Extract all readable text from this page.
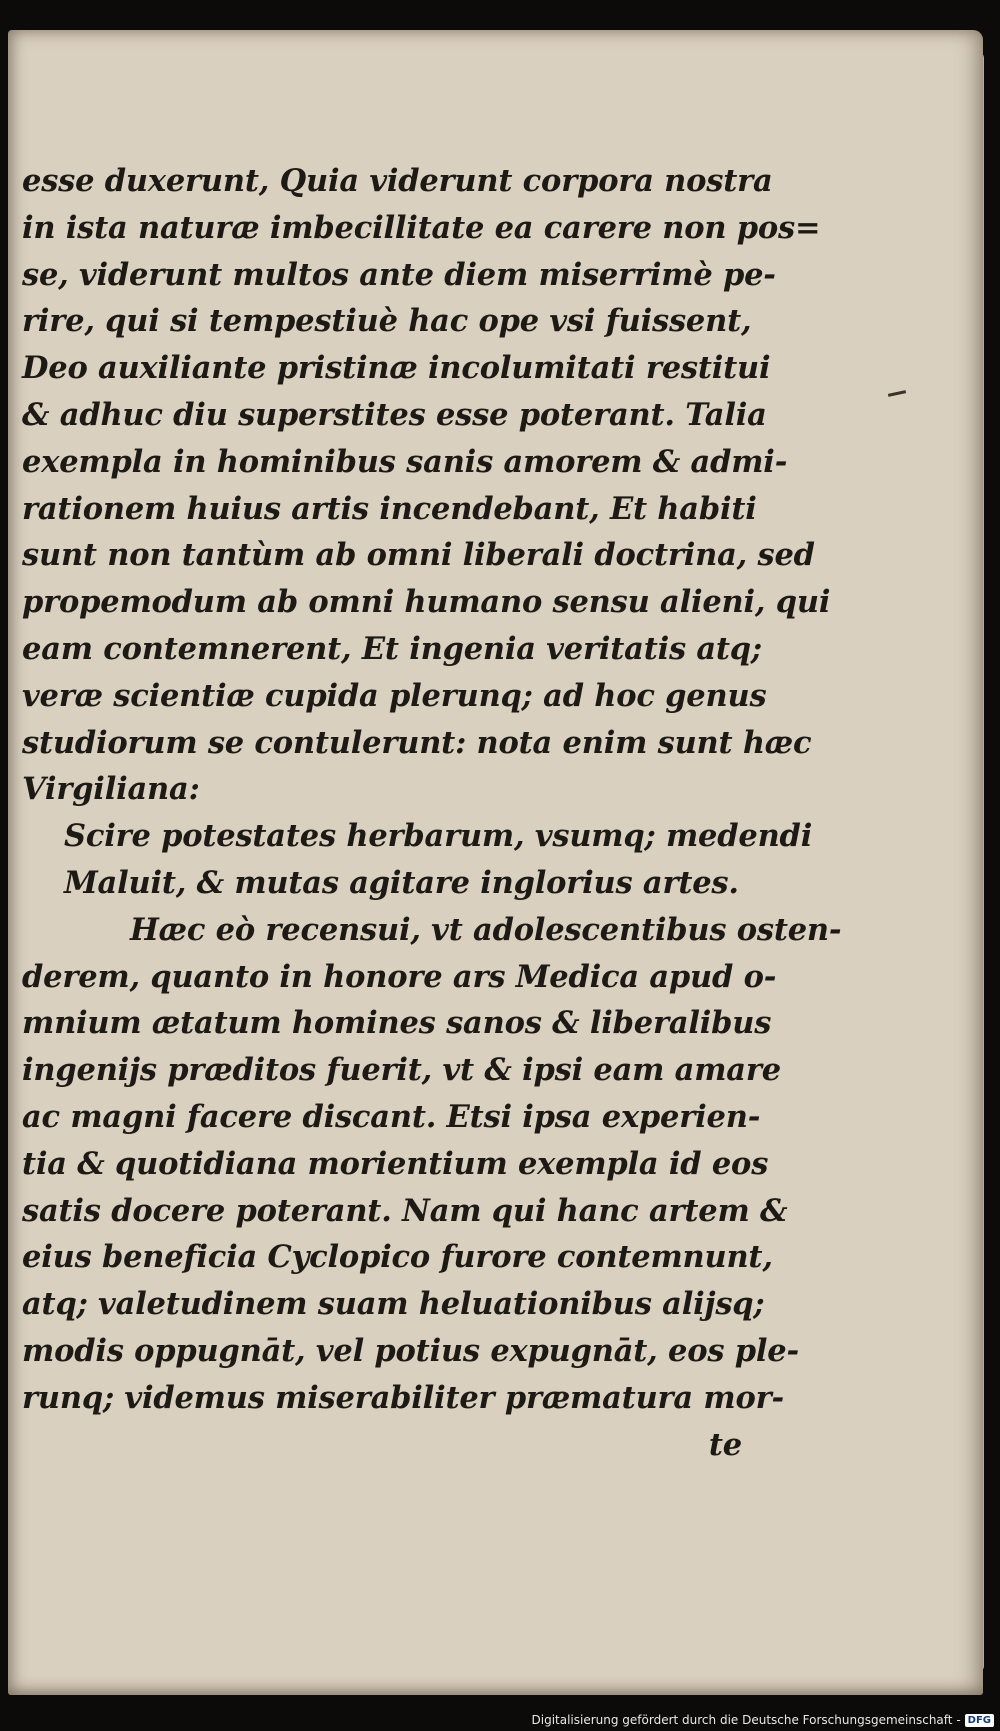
esse duxerunt, Quia viderunt corpora nostra
in ista naturæ imbecillitate ea carere non pos=
se, viderunt multos ante diem miserrimè pe-
rire, qui si tempestiuè hac ope vsi fuissent,
Deo auxiliante pristinæ incolumitati restitui
& adhuc diu superstites esse poterant. Talia
exempla in hominibus sanis amorem & admi-
rationem huius artis incendebant, Et habiti
sunt non tantùm ab omni liberali doctrina, sed
propemodum ab omni humano sensu alieni, qui
eam contemnerent, Et ingenia veritatis atq;
veræ scientiæ cupida plerunq; ad hoc genus
studiorum se contulerunt: nota enim sunt hæc
Virgiliana:
Scire potestates herbarum, vsumq; medendi
Maluit, & mutas agitare inglorius artes.
Hæc eò recensui, vt adolescentibus osten-
derem, quanto in honore ars Medica apud o-
mnium ætatum homines sanos & liberalibus
ingenijs præditos fuerit, vt & ipsi eam amare
ac magni facere discant. Etsi ipsa experien-
tia & quotidiana morientium exempla id eos
satis docere poterant. Nam qui hanc artem &
eius beneficia Cyclopico furore contemnunt,
atq; valetudinem suam heluationibus alijsq;
modis oppugnāt, vel potius expugnāt, eos ple-
runq; videmus miserabiliter præmatura mor-
te
Digitalisierung gefördert durch die Deutsche Forschungsgemeinschaft - DFG
